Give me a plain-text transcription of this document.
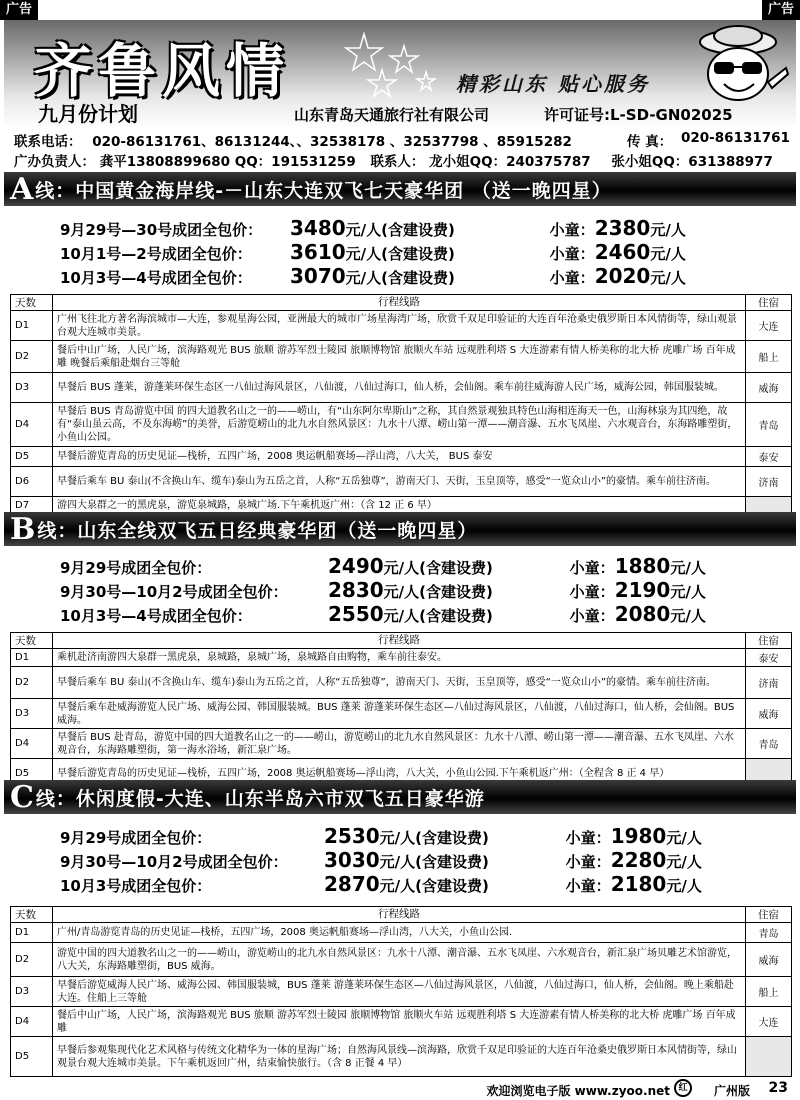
广告	广告
齐鲁风情	精彩山东 贴心服务
九月份计划	山东青岛天通旅行社有限公司	许可证号:L-SD-GN02025
联系电话： 020-86131761、86131244、、32538178 、32537798 、85915282	传 真： 020-86131761
广办负责人： 龚平13808899680 QQ：191531259 联系人： 龙小姐QQ：240375787 张小姐QQ：631388977
A 线：中国黄金海岸线-－山东大连双飞七天豪华团 （送一晚四星）
9月29号—30号成团全包价：	3480 元/人(含建设费)	小童： 2380 元/人
10月1号—2号成团全包价：	3610 元/人(含建设费)	小童： 2460 元/人
10月3号—4号成团全包价：	3070 元/人(含建设费)	小童： 2020 元/人
天数	行程线路	住宿
D1	广州飞往北方著名海滨城市—大连，参观星海公园，亚洲最大的城市广场星海湾广场，欣赏千双足印验证的大连百年沧桑史俄罗斯日本风情街等，绿山观景台观大连城市美景。	大连
D2	餐后中山广场，人民广场，滨海路观光 BUS 旅顺 游苏军烈士陵园 旅顺博物馆 旅顺火车站 远观胜利塔 S 大连游素有情人桥美称的北大桥 虎雕广场 百年成雕 晚餐后乘船赴烟台三等舱	船上
D3	早餐后 BUS 蓬莱，游蓬莱环保生态区一八仙过海风景区，八仙渡，八仙过海口，仙人桥，会仙阁。乘车前往威海游人民广场，威海公园，韩国服装城。	威海
D4	早餐后 BUS 青岛游览中国 的四大道教名山之一的——崂山，有“山东阿尔卑斯山”之称，其自然景观独具特色山海相连海天一色，山海林泉为其四绝，故有“泰山虽云高，不及东海崂”的美誉，后游览崂山的北九水自然风景区：九水十八潭、崂山第一潭——潮音瀑、五水飞凤崖、六水观音台，东海路雕塑街，小鱼山公园。	青岛
D5	早餐后游览青岛的历史见证—栈桥，五四广场，2008 奥运帆船赛场—浮山湾，八大关， BUS 泰安	泰安
D6	早餐后乘车 BU 泰山(不含换山车、缆车)泰山为五岳之首，人称“五岳独尊”，游南天门、天街，玉皇顶等，感受“一览众山小”的豪情。乘车前往济南。	济南
D7	游四大泉群之一的黑虎泉，游览泉城路，泉城广场.下午乘机返广州：（含 12 正 6 早）	
B 线：山东全线双飞五日经典豪华团（送一晚四星）
9月29号成团全包价：	2490 元/人(含建设费)	小童： 1880 元/人
9月30号—10月2号成团全包价：	2830 元/人(含建设费)	小童： 2190 元/人
10月3号—4号成团全包价：	2550 元/人(含建设费)	小童： 2080 元/人
天数	行程线路	住宿
D1	乘机赴济南游四大泉群一黑虎泉，泉城路，泉城广场，泉城路自由购物，乘车前往泰安。	泰安
D2	早餐后乘车 BU 泰山(不含换山车、缆车)泰山为五岳之首，人称“五岳独尊”，游南天门、天街，玉皇顶等，感受“一览众山小”的豪情。乘车前往济南。	济南
D3	早餐后乘车赴威海游览人民广场、威海公园、韩国服装城。BUS 蓬莱 游蓬莱环保生态区—八仙过海风景区，八仙渡，八仙过海口，仙人桥，会仙阁。BUS 威海。	威海
D4	早餐后 BUS 赴青岛，游览中国的四大道教名山之一的——崂山，游览崂山的北九水自然风景区：九水十八潭、崂山第一潭——潮音瀑、五水飞凤崖、六水观音台，东海路雕塑街，第一海水浴场，新汇泉广场。	青岛
D5	早餐后游览青岛的历史见证—栈桥，五四广场，2008 奥运帆船赛场—浮山湾，八大关，小鱼山公园.下午乘机返广州：（全程含 8 正 4 早）	
C 线：休闲度假-大连、山东半岛六市双飞五日豪华游
9月29号成团全包价：	2530 元/人(含建设费)	小童： 1980 元/人
9月30号—10月2号成团全包价：	3030 元/人(含建设费)	小童： 2280 元/人
10月3号成团全包价：	2870 元/人(含建设费)	小童： 2180 元/人
天数	行程线路	住宿
D1	广州/青岛游览青岛的历史见证—栈桥，五四广场，2008 奥运帆船赛场—浮山湾，八大关，小鱼山公园.	青岛
D2	游览中国的四大道教名山之一的——崂山，游览崂山的北九水自然风景区：九水十八潭、潮音瀑、五水飞凤崖、六水观音台，新汇泉广场贝雕艺术馆游览，八大关，东海路雕塑街，BUS 威海。	威海
D3	早餐后游览威海人民广场、威海公园、韩国服装城，BUS 蓬莱 游蓬莱环保生态区—八仙过海风景区，八仙渡，八仙过海口，仙人桥，会仙阁。晚上乘船赴大连。住船上三等舱	船上
D4	餐后中山广场，人民广场，滨海路观光 BUS 旅顺 游苏军烈士陵园 旅顺博物馆 旅顺火车站 远观胜利塔 S 大连游素有情人桥美称的北大桥 虎雕广场 百年成雕	大连
D5	早餐后参观集现代化艺术风格与传统文化精华为一体的星海广场；自然海风景线—滨海路，欣赏千双足印验证的大连百年沧桑史俄罗斯日本风情街等，绿山观景台观大连城市美景。下午乘机返回广州，结束愉快旅行。（含 8 正餐 4 早）	
欢迎浏览电子版 www.zyoo.net 红	广州版 23
